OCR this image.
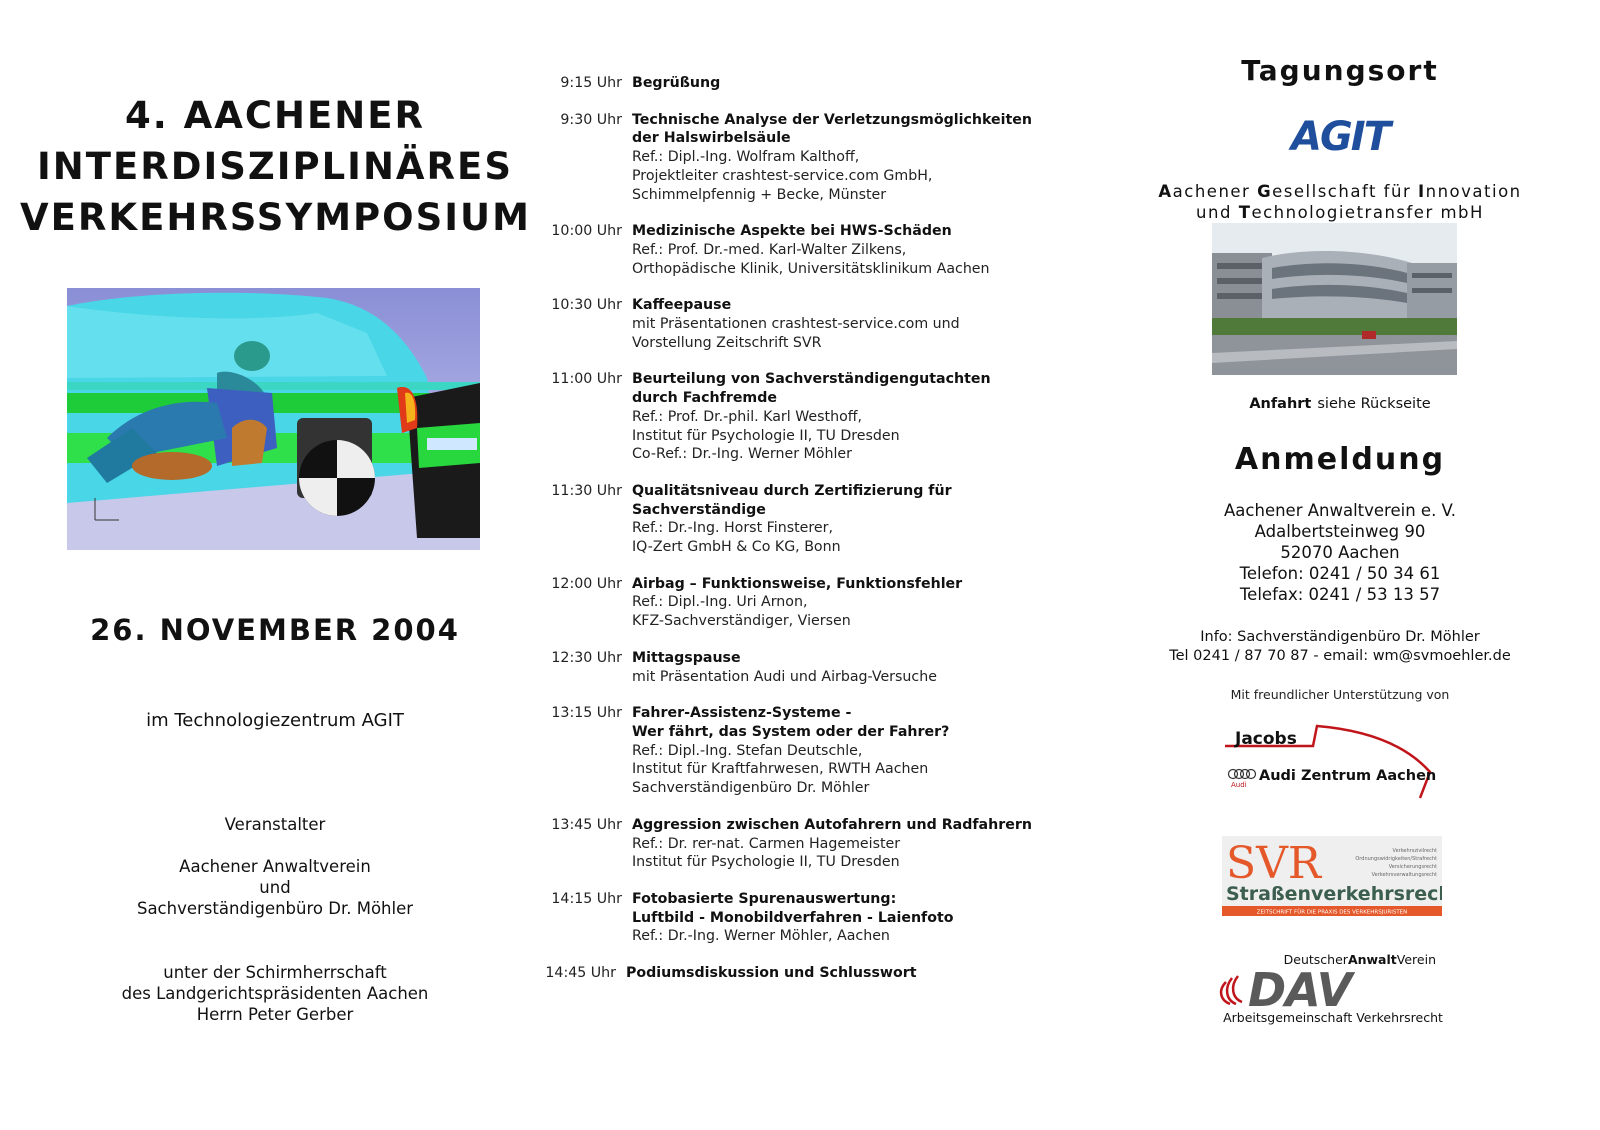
4. AACHENER
INTERDISZIPLINÄRES
VERKEHRSSYMPOSIUM
26. NOVEMBER 2004
im Technologiezentrum AGIT
Veranstalter
Aachener Anwaltverein
und
Sachverständigenbüro Dr. Möhler
unter der Schirmherrschaft
des Landgerichtspräsidenten Aachen
Herrn Peter Gerber
9:15 Uhr Begrüßung
9:30 Uhr Technische Analyse der Verletzungsmöglichkeiten
der Halswirbelsäule
Ref.: Dipl.-Ing. Wolfram Kalthoff,
Projektleiter crashtest-service.com GmbH,
Schimmelpfennig + Becke, Münster
10:00 Uhr Medizinische Aspekte bei HWS-Schäden
Ref.: Prof. Dr.-med. Karl-Walter Zilkens,
Orthopädische Klinik, Universitätsklinikum Aachen
10:30 Uhr Kaffeepause
mit Präsentationen crashtest-service.com und
Vorstellung Zeitschrift SVR
11:00 Uhr Beurteilung von Sachverständigengutachten
durch Fachfremde
Ref.: Prof. Dr.-phil. Karl Westhoff,
Institut für Psychologie II, TU Dresden
Co-Ref.: Dr.-Ing. Werner Möhler
11:30 Uhr Qualitätsniveau durch Zertifizierung für
Sachverständige
Ref.: Dr.-Ing. Horst Finsterer,
IQ-Zert GmbH & Co KG, Bonn
12:00 Uhr Airbag – Funktionsweise, Funktionsfehler
Ref.: Dipl.-Ing. Uri Arnon,
KFZ-Sachverständiger, Viersen
12:30 Uhr Mittagspause
mit Präsentation Audi und Airbag-Versuche
13:15 Uhr Fahrer-Assistenz-Systeme -
Wer fährt, das System oder der Fahrer?
Ref.: Dipl.-Ing. Stefan Deutschle,
Institut für Kraftfahrwesen, RWTH Aachen
Sachverständigenbüro Dr. Möhler
13:45 Uhr Aggression zwischen Autofahrern und Radfahrern
Ref.: Dr. rer-nat. Carmen Hagemeister
Institut für Psychologie II, TU Dresden
14:15 Uhr Fotobasierte Spurenauswertung:
Luftbild - Monobildverfahren - Laienfoto
Ref.: Dr.-Ing. Werner Möhler, Aachen
14:45 Uhr Podiumsdiskussion und Schlusswort
Tagungsort
AGIT
Aachener Gesellschaft für Innovation
und Technologietransfer mbH
Anfahrt siehe Rückseite
Anmeldung
Aachener Anwaltverein e. V.
Adalbertsteinweg 90
52070 Aachen
Telefon: 0241 / 50 34 61
Telefax: 0241 / 53 13 57
Info: Sachverständigenbüro Dr. Möhler
Tel 0241 / 87 70 87 - email: wm@svmoehler.de
Mit freundlicher Unterstützung von
Jacobs
Audi
Audi Zentrum Aachen
SVR	Verkehrszivilrecht
Ordnungswidrigkeiten/Strafrecht
Versicherungsrecht
Verkehrsverwaltungsrecht
Straßenverkehrsrecht
ZEITSCHRIFT FÜR DIE PRAXIS DES VERKEHRSJURISTEN
DeutscherAnwaltVerein
DAV
Arbeitsgemeinschaft Verkehrsrecht
